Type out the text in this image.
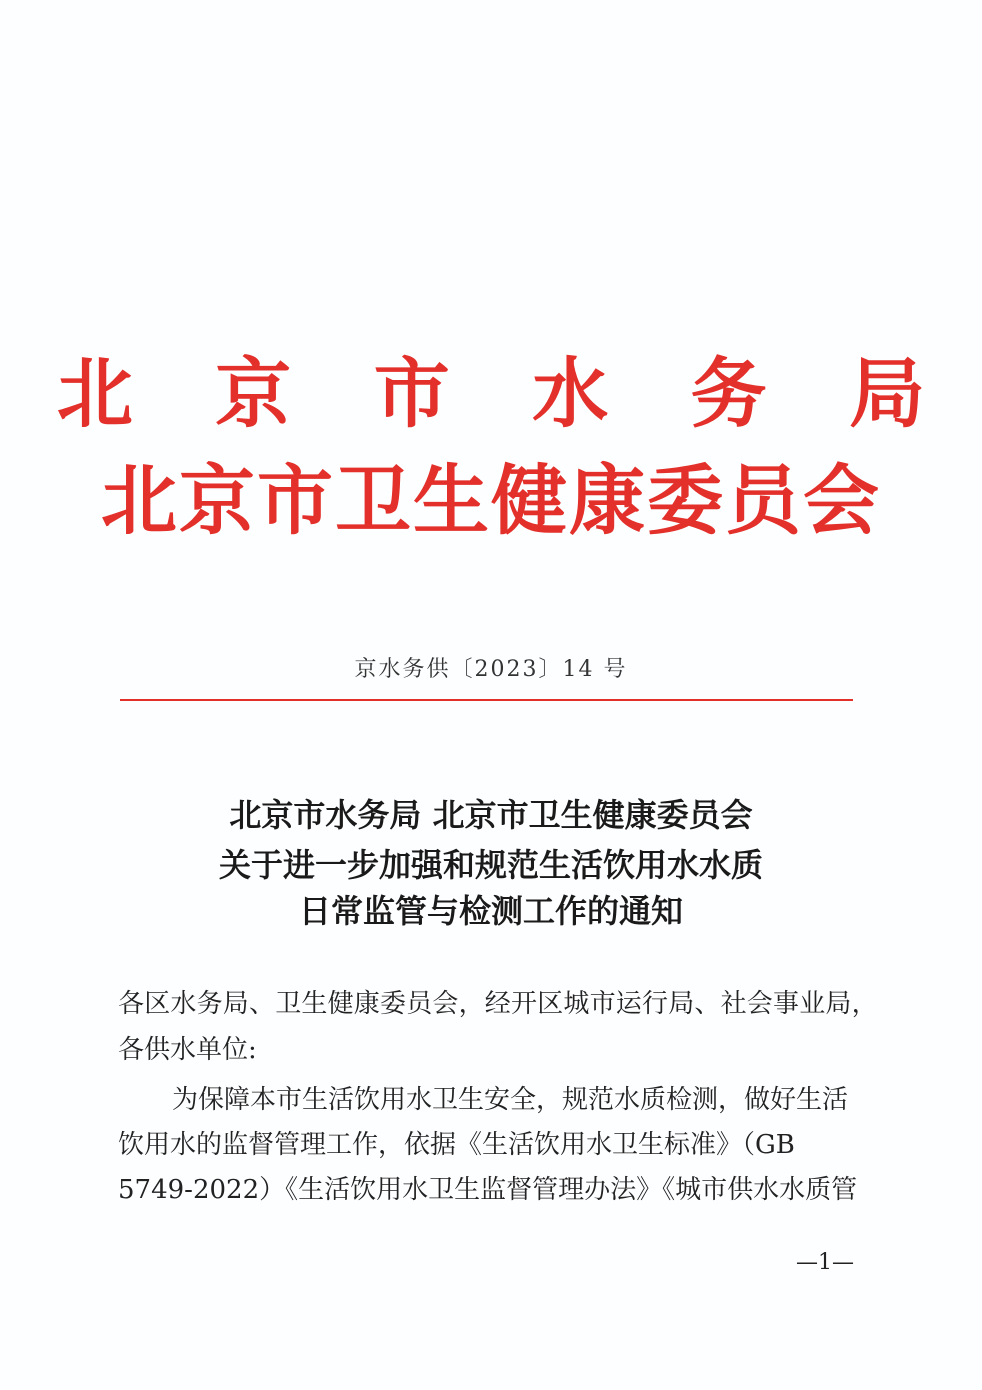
北 京 市 水 务 局
北京市卫生健康委员会
京水务供〔2023〕14 号
北京市水务局 北京市卫生健康委员会
关于进一步加强和规范生活饮用水水质
日常监管与检测工作的通知
各区水务局、卫生健康委员会，经开区城市运行局、社会事业局，
各供水单位:
为保障本市生活饮用水卫生安全，规范水质检测，做好生活
饮用水的监督管理工作，依据《生活饮用水卫生标准》（GB
5749-2022）《生活饮用水卫生监督管理办法》《城市供水水质管
—1—
